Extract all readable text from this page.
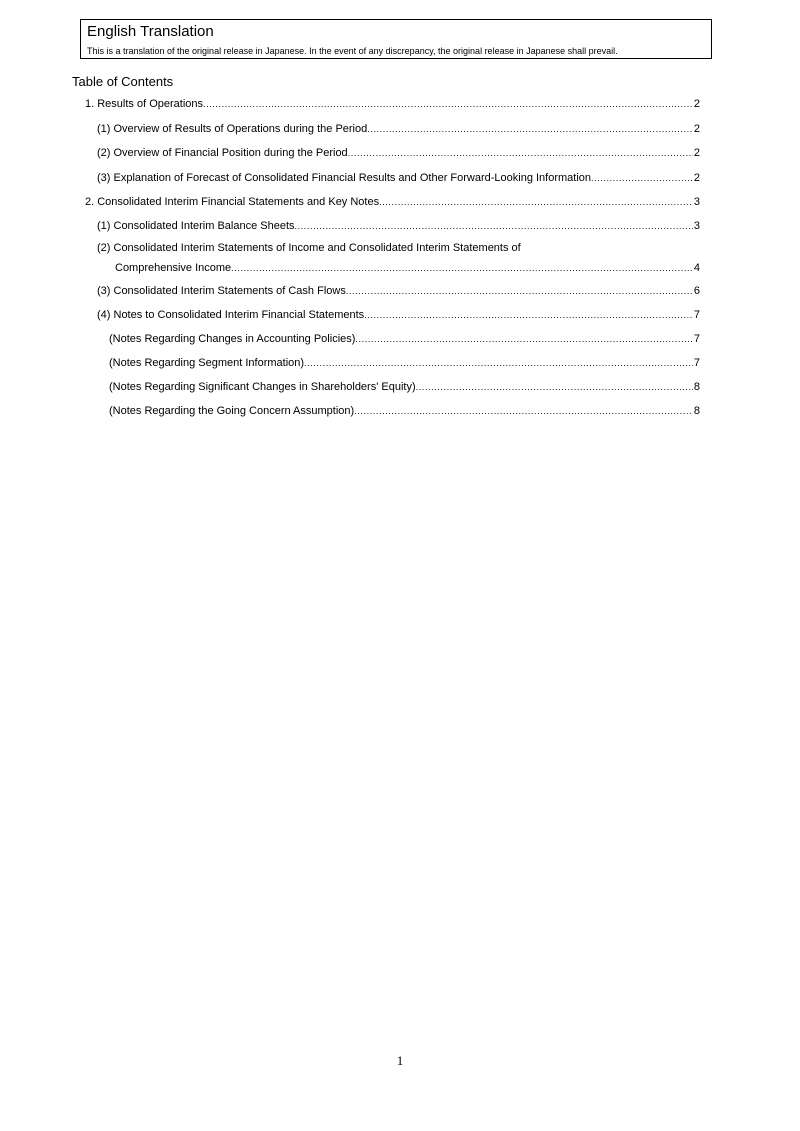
English Translation
This is a translation of the original release in Japanese. In the event of any discrepancy, the original release in Japanese shall prevail.
Table of Contents
1. Results of Operations .....	2
(1) Overview of Results of Operations during the Period .....	2
(2) Overview of Financial Position during the Period .....	2
(3) Explanation of Forecast of Consolidated Financial Results and Other Forward-Looking Information .....	2
2. Consolidated Interim Financial Statements and Key Notes .....	3
(1) Consolidated Interim Balance Sheets .....	3
(2) Consolidated Interim Statements of Income and Consolidated Interim Statements of
Comprehensive Income .....	4
(3) Consolidated Interim Statements of Cash Flows .....	6
(4) Notes to Consolidated Interim Financial Statements .....	7
(Notes Regarding Changes in Accounting Policies) .....	7
(Notes Regarding Segment Information) .....	7
(Notes Regarding Significant Changes in Shareholders' Equity) .....	8
(Notes Regarding the Going Concern Assumption) .....	8
1
